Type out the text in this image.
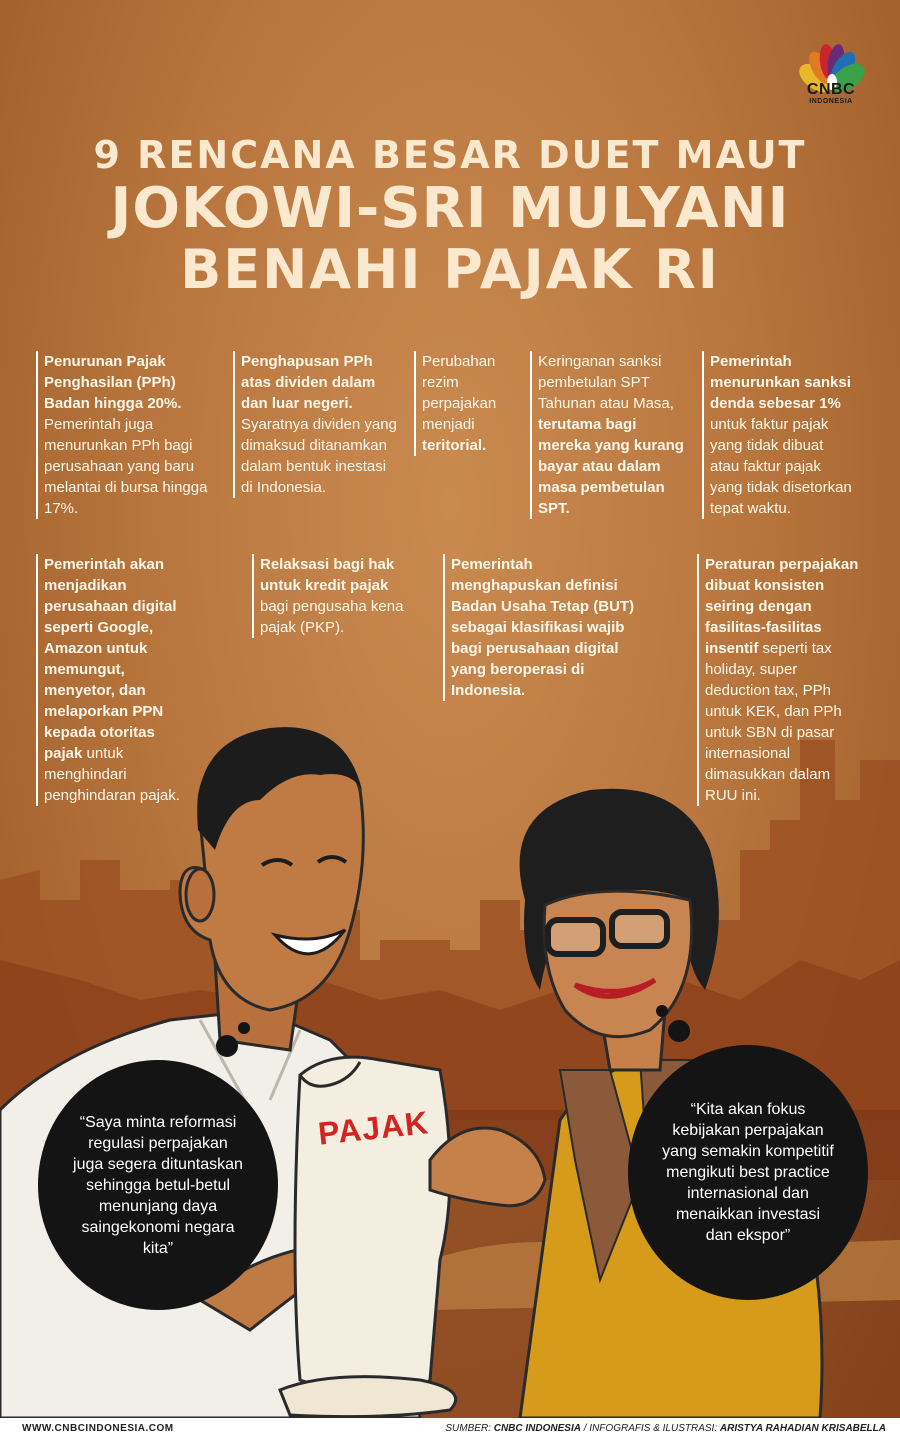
CNBC
INDONESIA
9 RENCANA BESAR DUET MAUT
JOKOWI-SRI MULYANI
BENAHI PAJAK RI
Penurunan Pajak Penghasilan (PPh) Badan hingga 20%. Pemerintah juga menurunkan PPh bagi perusahaan yang baru melantai di bursa hingga 17%.
Penghapusan PPh atas dividen dalam dan luar negeri. Syaratnya dividen yang dimaksud ditanamkan dalam bentuk inestasi di Indonesia.
Perubahan rezim perpajakan menjadi teritorial.
Keringanan sanksi pembetulan SPT Tahunan atau Masa, terutama bagi mereka yang kurang bayar atau dalam masa pembetulan SPT.
Pemerintah menurunkan sanksi denda sebesar 1% untuk faktur pajak yang tidak dibuat atau faktur pajak yang tidak disetorkan tepat waktu.
Pemerintah akan menjadikan perusahaan digital seperti Google, Amazon untuk memungut, menyetor, dan melaporkan PPN kepada otoritas pajak untuk menghindari penghindaran pajak.
Relaksasi bagi hak untuk kredit pajak bagi pengusaha kena pajak (PKP).
Pemerintah menghapuskan definisi Badan Usaha Tetap (BUT) sebagai klasifikasi wajib bagi perusahaan digital yang beroperasi di Indonesia.
Peraturan perpajakan dibuat konsisten seiring dengan fasilitas-fasilitas insentif seperti tax holiday, super deduction tax, PPh untuk KEK, dan PPh untuk SBN di pasar internasional dimasukkan dalam RUU ini.
PAJAK
“Saya minta reformasi regulasi perpajakan juga segera dituntaskan sehingga betul-betul menunjang daya saingekonomi negara kita”
“Kita akan fokus kebijakan perpajakan yang semakin kompetitif mengikuti best practice internasional dan menaikkan investasi dan ekspor”
WWW.CNBCINDONESIA.COM	SUMBER: CNBC INDONESIA / INFOGRAFIS & ILUSTRASI: ARISTYA RAHADIAN KRISABELLA
